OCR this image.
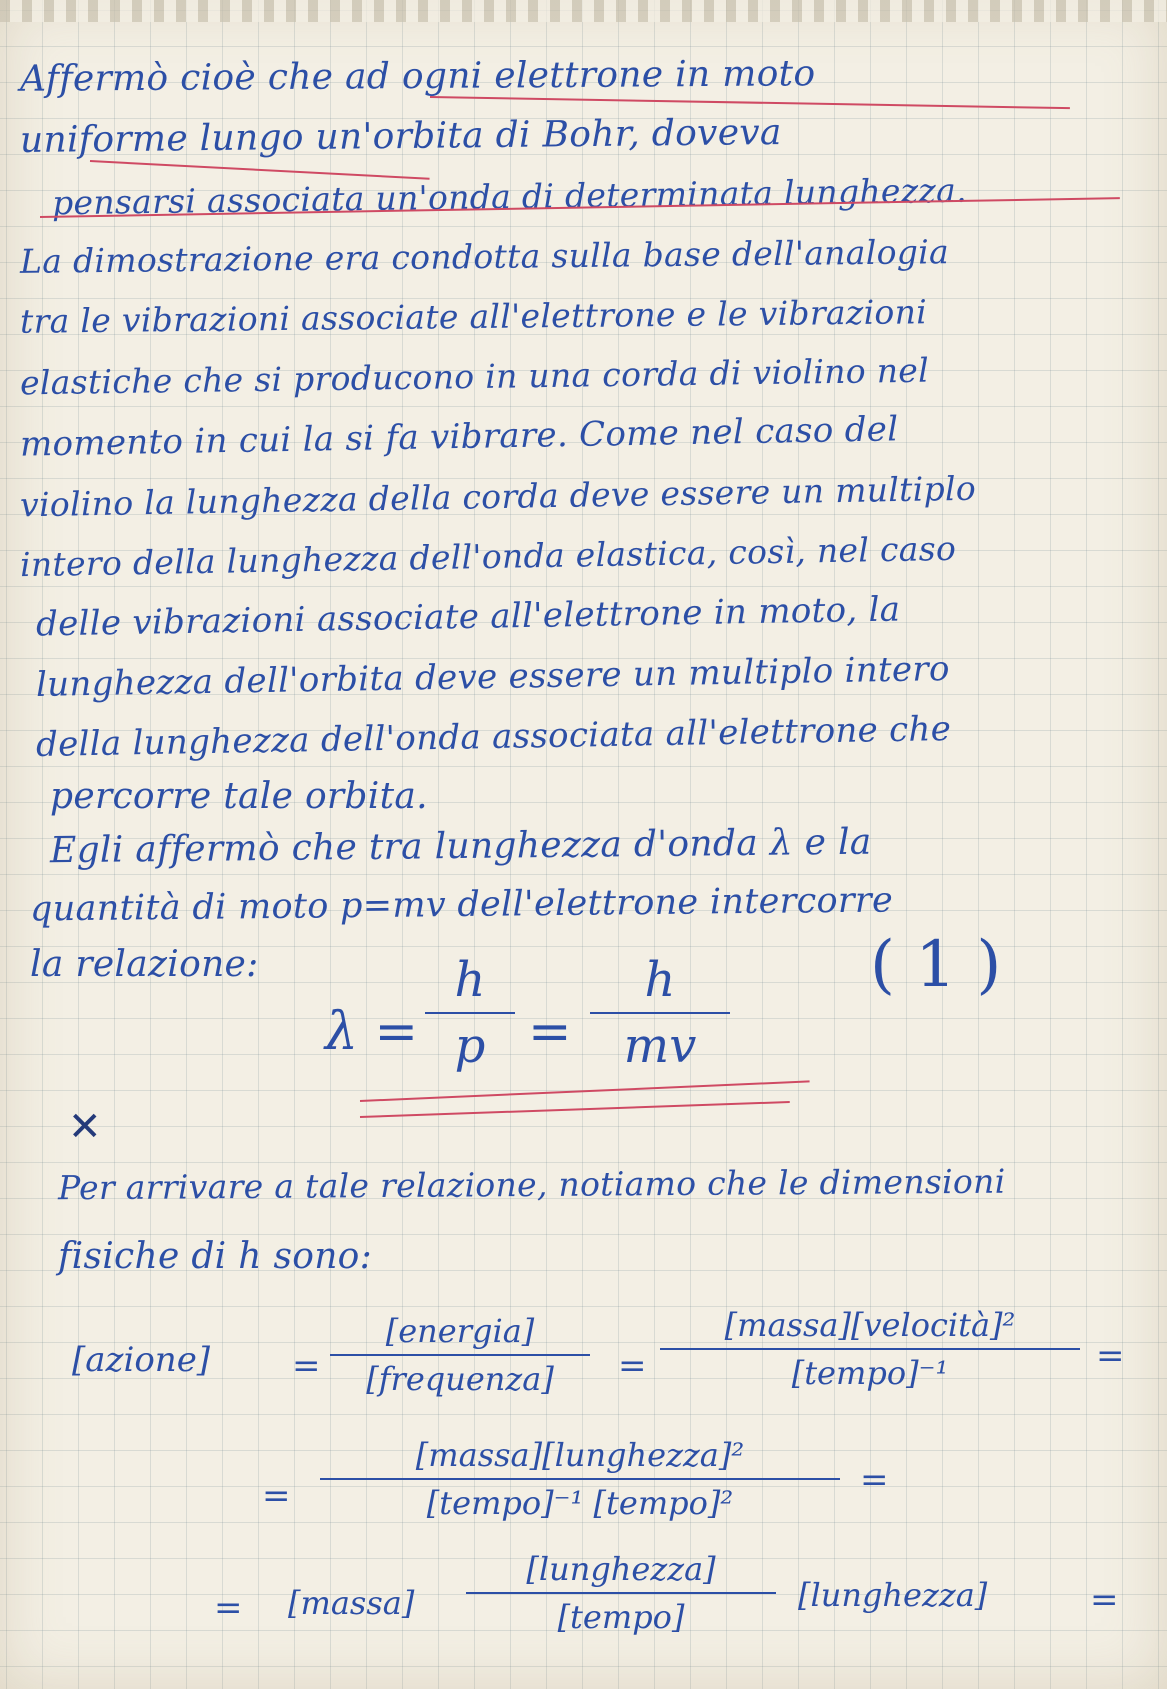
Affermò cioè che ad ogni elettrone in moto

uniforme lungo un'orbita di Bohr, doveva

pensarsi associata un'onda di determinata lunghezza.

La dimostrazione era condotta sulla base dell'analogia

tra le vibrazioni associate all'elettrone e le vibrazioni

elastiche che si producono in una corda di violino nel

momento in cui la si fa vibrare. Come nel caso del

violino la lunghezza della corda deve essere un multiplo

intero della lunghezza dell'onda elastica, così, nel caso

delle vibrazioni associate all'elettrone in moto, la

lunghezza dell'orbita deve essere un multiplo intero

della lunghezza dell'onda associata all'elettrone che

percorre tale orbita.

Egli affermò che tra lunghezza d'onda λ e la

quantità di moto p=mv dell'elettrone intercorre

la relazione:

λ =
h
p =
h
mv
( 1 )
✕

Per arrivare a tale relazione, notiamo che le dimensioni

fisiche di h sono:

[azione] =
[energia]
[frequenza]	=
[massa][velocità]²
[tempo]⁻¹	=
=
[massa][lunghezza]²
[tempo]⁻¹ [tempo]²
=
= [massa]
[lunghezza]
[tempo]
[lunghezza]	=
